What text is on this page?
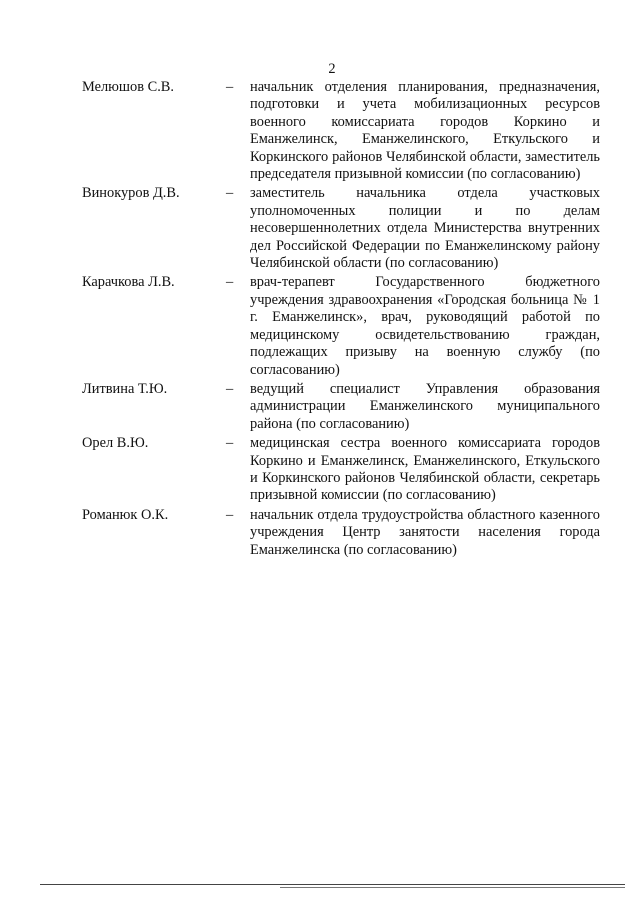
2
Мелюшов С.В.	–	начальник отделения планирования, предназначения, подготовки и учета мобилизационных ресурсов военного комиссариата городов Коркино и Еманжелинск, Еманжелинского, Еткульского и Коркинского районов Челябинской области, заместитель председателя призывной комиссии (по согласованию)
Винокуров Д.В.	–	заместитель начальника отдела участковых уполномоченных полиции и по делам несовершеннолетних отдела Министерства внутренних дел Российской Федерации по Еманжелинскому району Челябинской области (по согласованию)
Карачкова Л.В.	–	врач-терапевт Государственного бюджетного учреждения здравоохранения «Городская больница № 1 г. Еманжелинск», врач, руководящий работой по медицинскому освидетельствованию граждан, подлежащих призыву на военную службу (по согласованию)
Литвина Т.Ю.	–	ведущий специалист Управления образования администрации Еманжелинского муниципального района (по согласованию)
Орел В.Ю.	–	медицинская сестра военного комиссариата городов Коркино и Еманжелинск, Еманжелинского, Еткульского и Коркинского районов Челябинской области, секретарь призывной комиссии (по согласованию)
Романюк О.К.	–	начальник отдела трудоустройства областного казенного учреждения Центр занятости населения города Еманжелинска (по согласованию)
